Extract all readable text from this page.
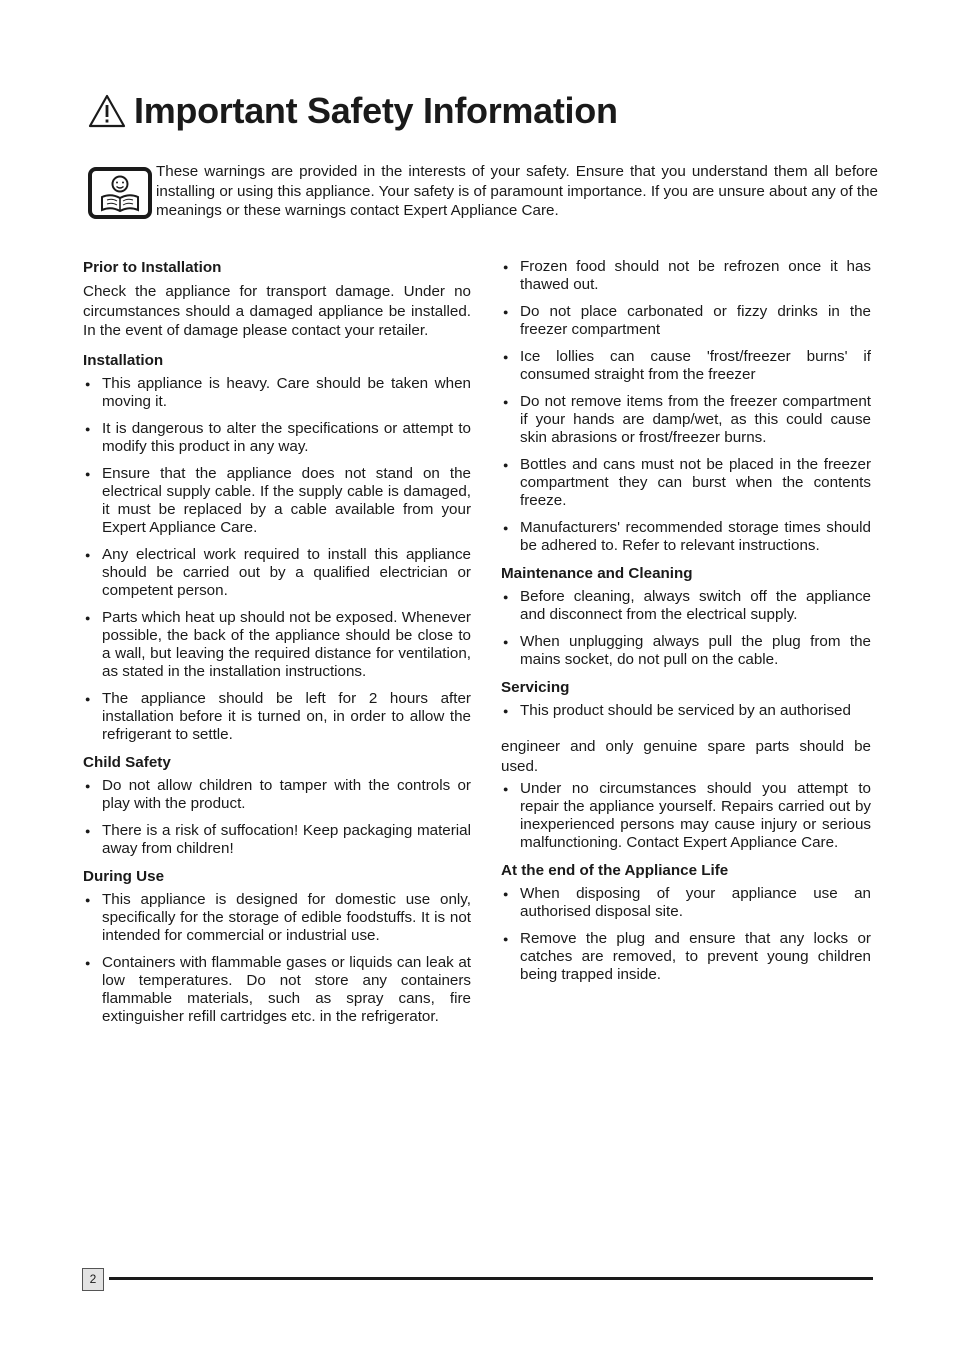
Important Safety Information

These warnings are provided in the interests of your safety. Ensure that you understand them all before installing or using this appliance. Your safety is of paramount importance. If you are unsure about any of the meanings or these warnings contact Expert Appliance Care.

Prior to Installation

Check the appliance for transport damage. Under no circumstances should a damaged appliance be installed. In the event of damage please contact your retailer.

Installation
● This appliance is heavy. Care should be taken when moving it.
● It is dangerous to alter the specifications or attempt to modify this product in any way.
● Ensure that the appliance does not stand on the electrical supply cable. If the supply cable is damaged, it must be replaced by a cable available from your Expert Appliance Care.
● Any electrical work required to install this appliance should be carried out by a qualified electrician or competent person.
● Parts which heat up should not be exposed. Whenever possible, the back of the appliance should be close to a wall, but leaving the required distance for ventilation, as stated in the installation instructions.
● The appliance should be left for 2 hours after installation before it is turned on, in order to allow the refrigerant to settle.
Child Safety
● Do not allow children to tamper with the controls or play with the product.
● There is a risk of suffocation! Keep packaging material away from children!
During Use
● This appliance is designed for domestic use only, specifically for the storage of edible foodstuffs. It is not intended for commercial or industrial use.
● Containers with flammable gases or liquids can leak at low temperatures. Do not store any containers flammable materials, such as spray cans, fire extinguisher refill cartridges etc. in the refrigerator.
● Frozen food should not be refrozen once it has thawed out.
● Do not place carbonated or fizzy drinks in the freezer compartment
● Ice lollies can cause 'frost/freezer burns' if consumed straight from the freezer
● Do not remove items from the freezer compartment if your hands are damp/wet, as this could cause skin abrasions or frost/freezer burns.
● Bottles and cans must not be placed in the freezer compartment they can burst when the contents freeze.
● Manufacturers' recommended storage times should be adhered to. Refer to relevant instructions.
Maintenance and Cleaning
● Before cleaning, always switch off the appliance and disconnect from the electrical supply.
● When unplugging always pull the plug from the mains socket, do not pull on the cable.
Servicing
● This product should be serviced by an authorised

engineer and only genuine spare parts should be used.

● Under no circumstances should you attempt to repair the appliance yourself. Repairs carried out by inexperienced persons may cause injury or serious malfunctioning. Contact Expert Appliance Care.
At the end of the Appliance Life
● When disposing of your appliance use an authorised disposal site.
● Remove the plug and ensure that any locks or catches are removed, to prevent young children being trapped inside.
2
